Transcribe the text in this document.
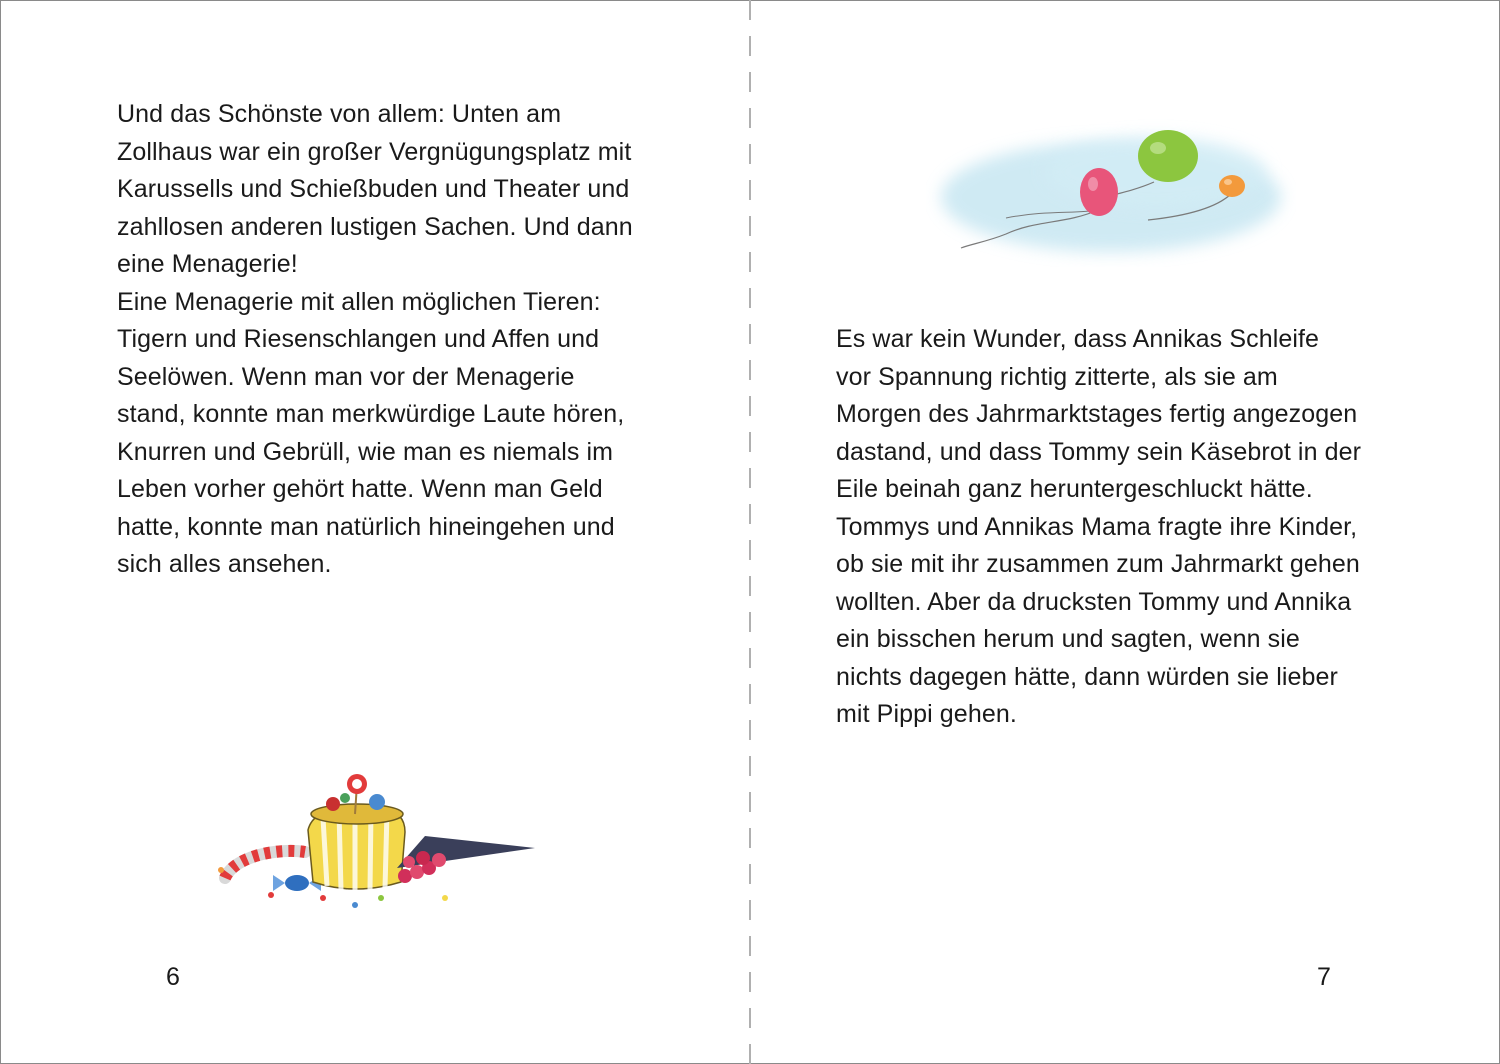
Und das Schönste von allem: Unten am
Zollhaus war ein großer Vergnügungsplatz mit
Karussells und Schießbuden und Theater und
zahllosen anderen lustigen Sachen. Und dann
eine Menagerie!
Eine Menagerie mit allen möglichen Tieren:
Tigern und Riesenschlangen und Affen und
Seelöwen. Wenn man vor der Menagerie
stand, konnte man merkwürdige Laute hören,
Knurren und Gebrüll, wie man es niemals im
Leben vorher gehört hatte. Wenn man Geld
hatte, konnte man natürlich hineingehen und
sich alles ansehen.

6

Es war kein Wunder, dass Annikas Schleife
vor Spannung richtig zitterte, als sie am
Morgen des Jahrmarktstages fertig angezogen
dastand, und dass Tommy sein Käsebrot in der
Eile beinah ganz heruntergeschluckt hätte.
Tommys und Annikas Mama fragte ihre Kinder,
ob sie mit ihr zusammen zum Jahrmarkt gehen
wollten. Aber da drucksten Tommy und Annika
ein bisschen herum und sagten, wenn sie
nichts dagegen hätte, dann würden sie lieber
mit Pippi gehen.

7
